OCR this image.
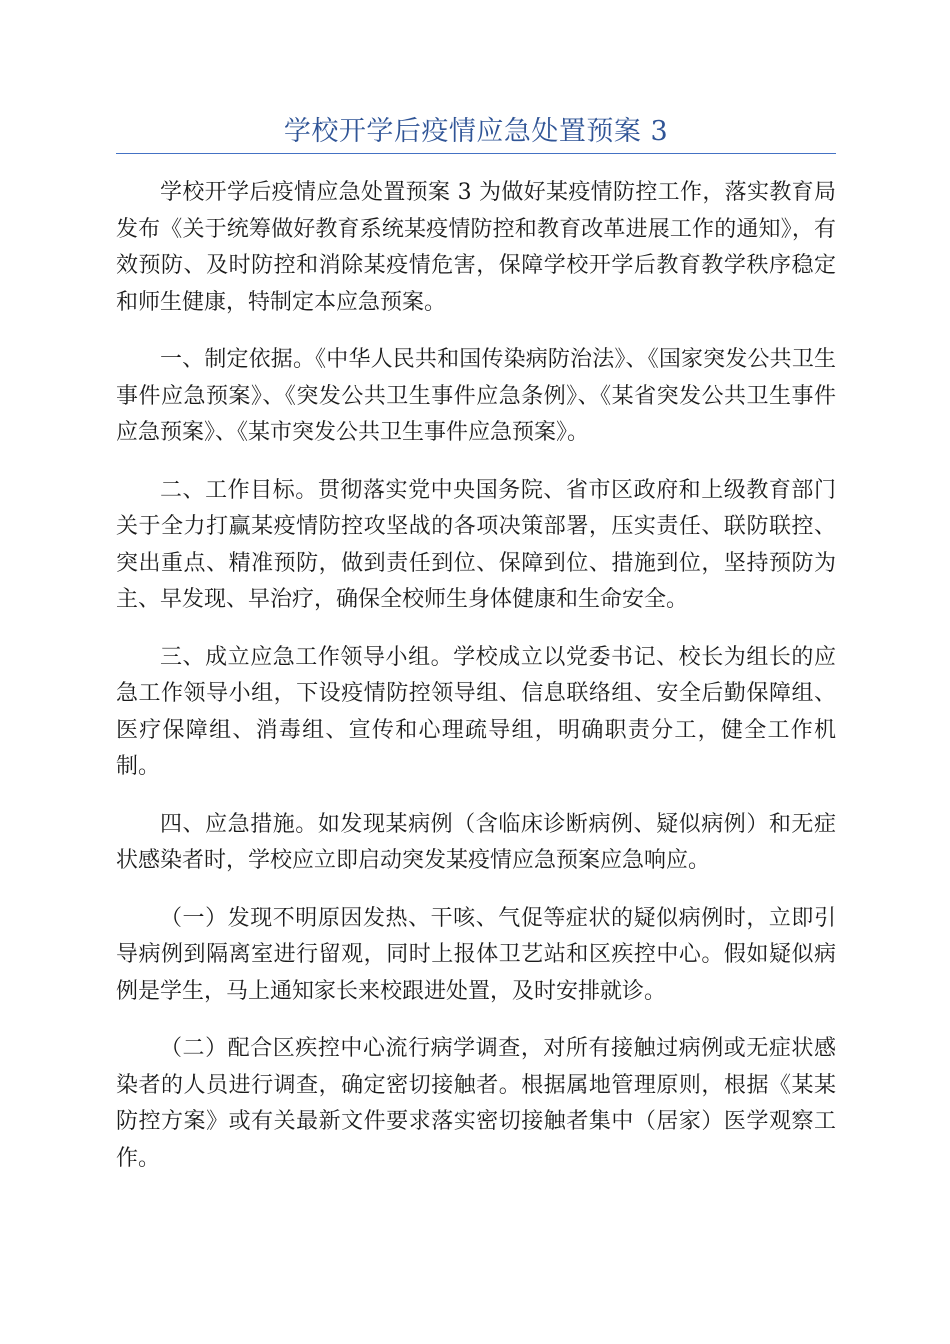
学校开学后疫情应急处置预案 3

学校开学后疫情应急处置预案 3 为做好某疫情防控工作，落实教育局发布《关于统筹做好教育系统某疫情防控和教育改革进展工作的通知》，有效预防、及时防控和消除某疫情危害，保障学校开学后教育教学秩序稳定和师生健康，特制定本应急预案。

一、制定依据。《中华人民共和国传染病防治法》、《国家突发公共卫生事件应急预案》、《突发公共卫生事件应急条例》、《某省突发公共卫生事件应急预案》、《某市突发公共卫生事件应急预案》。

二、工作目标。贯彻落实党中央国务院、省市区政府和上级教育部门关于全力打赢某疫情防控攻坚战的各项决策部署，压实责任、联防联控、突出重点、精准预防，做到责任到位、保障到位、措施到位，坚持预防为主、早发现、早治疗，确保全校师生身体健康和生命安全。

三、成立应急工作领导小组。学校成立以党委书记、校长为组长的应急工作领导小组，下设疫情防控领导组、信息联络组、安全后勤保障组、医疗保障组、消毒组、宣传和心理疏导组，明确职责分工，健全工作机制。

四、应急措施。如发现某病例（含临床诊断病例、疑似病例）和无症状感染者时，学校应立即启动突发某疫情应急预案应急响应。

（一）发现不明原因发热、干咳、气促等症状的疑似病例时，立即引导病例到隔离室进行留观，同时上报体卫艺站和区疾控中心。假如疑似病例是学生，马上通知家长来校跟进处置，及时安排就诊。

（二）配合区疾控中心流行病学调查，对所有接触过病例或无症状感染者的人员进行调查，确定密切接触者。根据属地管理原则，根据《某某防控方案》或有关最新文件要求落实密切接触者集中（居家）医学观察工作。
